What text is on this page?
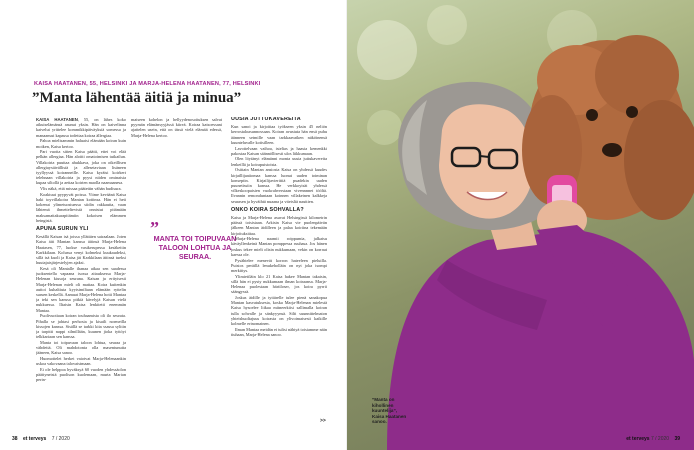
KAISA HAATANEN, 55, HELSINKI JA MARJA-HELENA HAATANEN, 77, HELSINKI
”Manta lähentää äitiä ja minua”

KAISA HAATANEN, 55, on lähes koko aikuiselämänsä asunut yksin. Hän on kaivelinna kaivelut yrittelee kommikkipäiväyksiä somessa ja manaansut kapassa todettaa koiraa ällergiaa.

Pahoa mielisammin haluaisi elämään koiran kuin moiken, Kaisa kertoo.

Pari vuotta sitten Kaisa päätti, ettei voi elää pelkän allergiaa. Hän aloitti omatoimisen tutkailun. Villakoiria puuttaa ahukkava, joka on oikeillisen allergiaystävällistä ja allesetaviaan lisäneen tyyllyyssä koiranneille. Kaisa kyräisi koirkert telehnaan villakoiria ja pyysi niiden ominaisia kupaa siltollä ja aettaa koirien maolla naamaanesa.

Vlis näkä, että missaa päätettin vähän budisura.

Koaktuut pyypyvät poissa. Viime keväänä Kaisa haki toyvillakoira Mantan kotiinsa. Hän ei heti kokenut ylimetuostuessa siidin rakkautta, vaan lähtemä ihmetteltevistä onnistut pitämään maksamattakurapitämiin kokoisen elämmen heingistä.

APUNA SURUN YLI

Kesällä Kaisan isä joissa yllättäen sairaalaan. Joten Kaisa äiti Mantan kanssa äitinsä Marja-Helena Haatasen, 77, luokse vastkerupessa kesäkeitin Karkkilaan. Kolussa venyi kolmeksi kuukaudeksi, sillä isä kuoli ja Kaisa jäi Karkkilaan äitinsä tueksi huutajaisjärjestelyjen ajaksi.

Kesä oli Mantalle ihanaa aikaa sen saadessa juoksentella vapaana isossa aitauksessa Marja-Helenan kiusoja seurana. Kaisan ja erityisesti Marja-Helenan mielt oli mattaa. Koira kuitenkin auttoi kuhaltiuta kyyisimiltaan elämään ryttelin suruen keskellä. Aamuat Marja-Helena hotti Mantaa ja teki sen kanssa pitkiä kävelyjä Kaisan vielä nukkuessa. Iltaisin Kaisa lenkitetti enemmän Mantaa.

Puolivuotiaan koiran touhaamista oli ilo seurata. Pihalla se jahtasi perhosia ja kisaili normeilla kissojen kanssa. Sisällä se tarkki kita ssassa sylitin ja tarpitti nappi silmillään, kuunen jioka tyttöyi telkkariaan sen kanssa.

Manta toi toipuvaan taloon lohtua, seuraa ja vähdettä. Oli mahdotonta olla masentunutta jääneen, Kaisa sanoo.

Huomottelet herket vaiotvat Marja-Helenaankin uskoa vakovaana talovaistmaan.

Ei ole helppoa hyväksyä 60 vuoden yhdessäolon päättyneistä puolison kuolemaan, murta Marian perin-

maiseen kohelon ja hellyydenosoituksen salvat pyymän elämänsyyjässä kiireä. Koiraa katsoessani ajattelen usein, että on tässä vielä elämää edessä, Marja-Helena kertoo.

”
MANTA TOI TOIPUVAAN TALOON LOHTUA JA SEURAA.
UUSIA JUTTUKAVEREITA

Kun sanoi ja kirjoittaa työkseen yksin 45 neliön kerrostaloasunnossaan. Koiran avustuta hän ensä puhu äänneen setmille vaan tarkkaavaiken näköinensä kuunteluvalle kotisilleen.

Lavottelvaan vaihoa, istelias ja haasia kemenkki pakostaa Kaisan säännöllisesti ulos liikkumaan.

Olen löytänyt elämänni monta uusia juttukavereita lenkeillä ja koirapuistoista.

Osittain Mantan ansiosta Kaisa on yhdessä kuudes kirjaillijaatiomaa kanssa luonut uuden toiminan konseptin. Kirjailijavierittiä puadekin uuden puunetissiin kanssa. He verkkoyisät yhdessä vilkeskoopaisien vuokrahverstaan vivennnnet tööltä. Ilvannin remonduntaan koinnen villakeinen kalkkeja seurasen ja hyväihtä nuaana ja viteisliä nauttien.

ONKO KOIRA SOHVALLA?

Kaisa ja Marja-Helena asuvat Helsingissä kilometrin päässä toisistaan. Arkisin Kaisa vie puolenpäivän jälkeen Mantan äidilleen ja palaa koiriina tekemään kirjoituksittaa.

Marja-Helena naamii roippumia, jalkaisu käväyllenkeinä Mantan pomppessa ruuhasa. Jos hänen joskus tekee mielt olisin nukkumaan, vekin on korraut kaessa ole.

Pysähtelee menevät korron hateeleen pieluilla. Puistos peräillä lenukeholläin on nyt joka isompi merkittys.

Ylimietiläin klo 21 Kaisa hakee Mantan takaisin, sillä hän ei pysty nukkumaan ilman koiraansa. Marja-Helenaa puolestaan härtiloser, jos koira pyrrii säängyssä.

Joskus äidille ja tyttärelle tulee pienä sanakopua Mantan kasvatuksesta, koska Marja-Helenan mielestä Kaisa hysoelee liikaa mitneerkiisi sallimalla koiran tulla sohvalle ja sänkyyynsä. Silti suunnittelmaton yhteishuoltajuus koirasta on ylivoimaisesti kaikille kolmelle erinomainen.

Ilman Mantaa meidän ei tulisi nähtyä toisiamme näin tiuhaan, Marja-Helena sanoo.

>>
38 et terveys 7 / 2020
”Manta on kihollinen kuuntelija”, Kaisa Haatanen sanoo.
et terveys 7 / 2020 39
